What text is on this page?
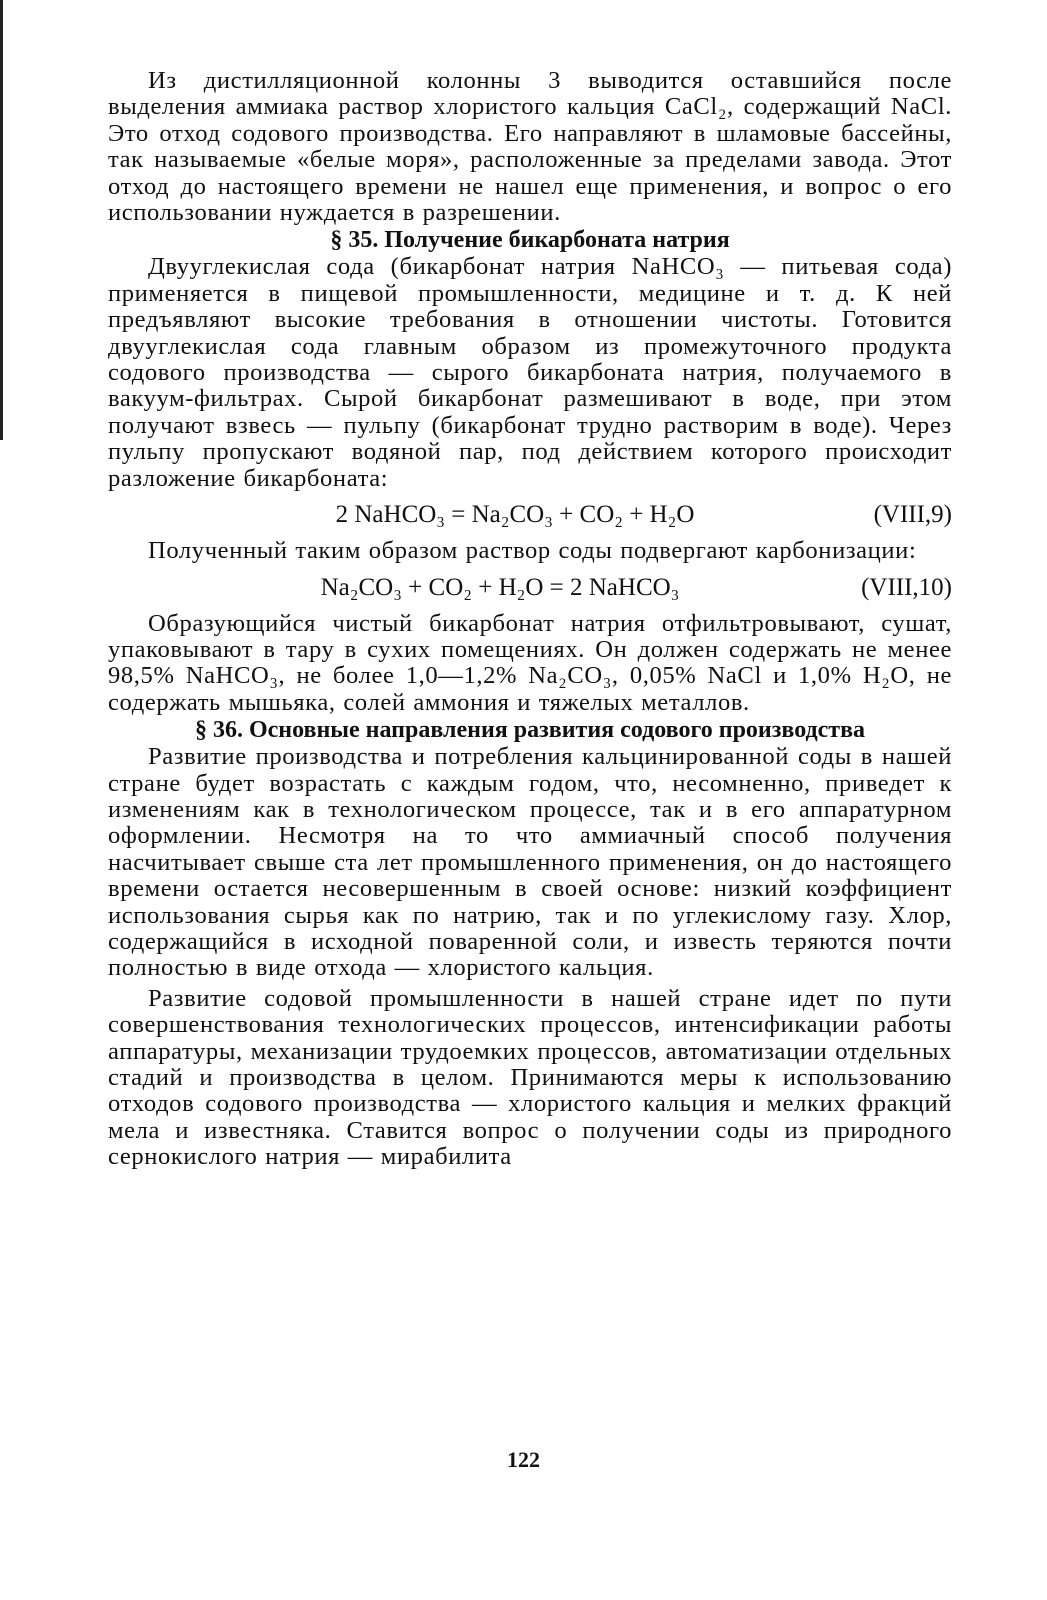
Из дистилляционной колонны 3 выводится оставшийся после выделения аммиака раствор хлористого кальция CaCl₂, содержащий NaCl. Это отход содового производства. Его направляют в шламовые бассейны, так называемые «белые моря», расположенные за пределами завода. Этот отход до настоящего времени не нашел еще применения, и вопрос о его использовании нуждается в разрешении.

§ 35. Получение бикарбоната натрия

Двууглекислая сода (бикарбонат натрия NaHCO₃ — питьевая сода) применяется в пищевой промышленности, медицине и т. д. К ней предъявляют высокие требования в отношении чистоты. Готовится двууглекислая сода главным образом из промежуточного продукта содового производства — сырого бикарбоната натрия, получаемого в вакуум-фильтрах. Сырой бикарбонат размешивают в воде, при этом получают взвесь — пульпу (бикарбонат трудно растворим в воде). Через пульпу пропускают водяной пар, под действием которого происходит разложение бикарбоната:

2 NaHCO₃ = Na₂CO₃ + CO₂ + H₂O	(VIII,9)

Полученный таким образом раствор соды подвергают карбонизации:

Na₂CO₃ + CO₂ + H₂O = 2 NaHCO₃	(VIII,10)

Образующийся чистый бикарбонат натрия отфильтровывают, сушат, упаковывают в тару в сухих помещениях. Он должен содержать не менее 98,5% NaHCO₃, не более 1,0—1,2% Na₂CO₃, 0,05% NaCl и 1,0% H₂O, не содержать мышьяка, солей аммония и тяжелых металлов.

§ 36. Основные направления развития содового производства

Развитие производства и потребления кальцинированной соды в нашей стране будет возрастать с каждым годом, что, несомненно, приведет к изменениям как в технологическом процессе, так и в его аппаратурном оформлении. Несмотря на то что аммиачный способ получения насчитывает свыше ста лет промышленного применения, он до настоящего времени остается несовершенным в своей основе: низкий коэффициент использования сырья как по натрию, так и по углекислому газу. Хлор, содержащийся в исходной поваренной соли, и известь теряются почти полностью в виде отхода — хлористого кальция.

Развитие содовой промышленности в нашей стране идет по пути совершенствования технологических процессов, интенсификации работы аппаратуры, механизации трудоемких процессов, автоматизации отдельных стадий и производства в целом. Принимаются меры к использованию отходов содового производства — хлористого кальция и мелких фракций мела и известняка. Ставится вопрос о получении соды из природного сернокислого натрия — мирабилита

122
